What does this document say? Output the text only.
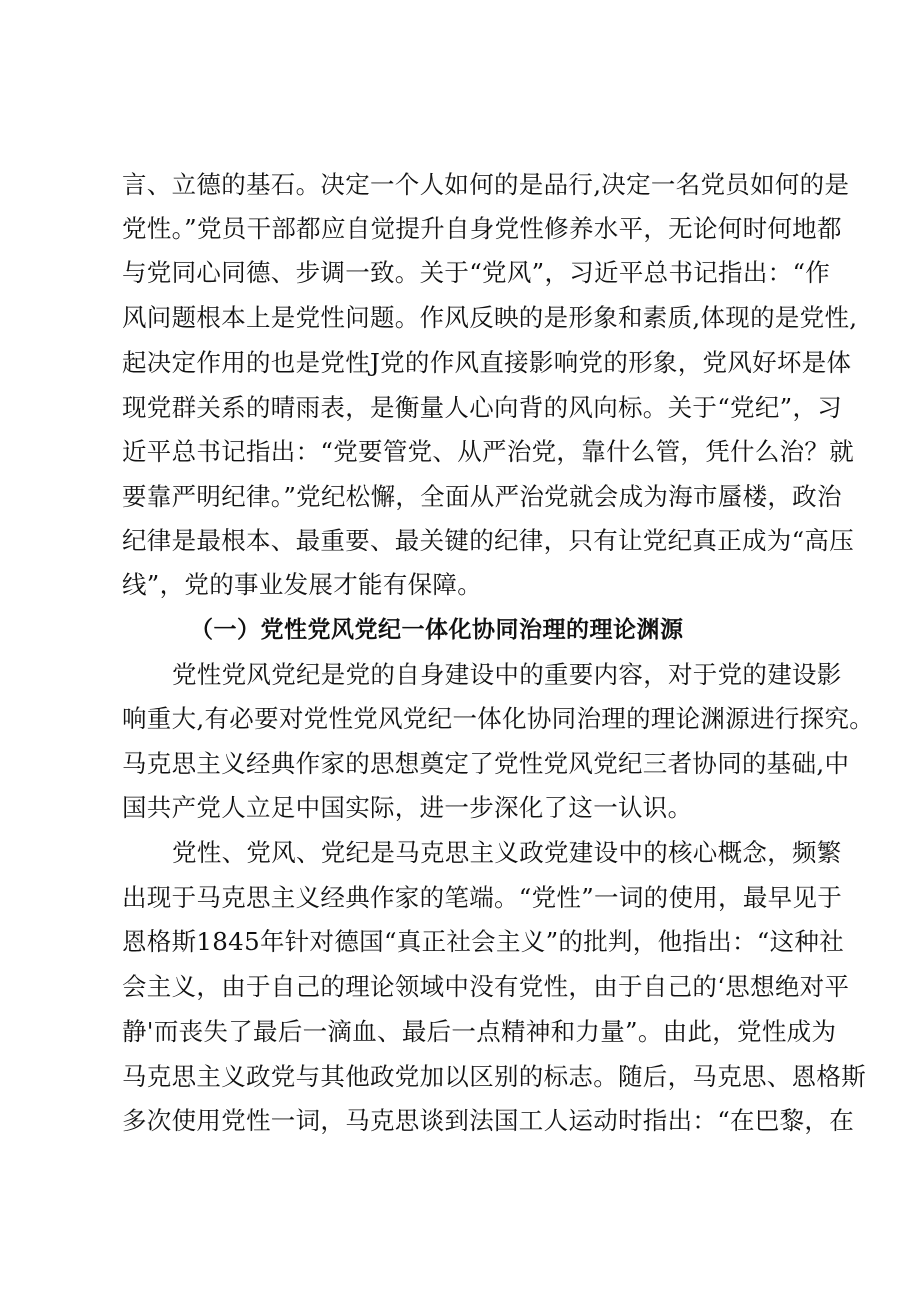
言、立德的基石。决定一个人如何的是品行,决定一名党员如何的是
党性。”党员干部都应自觉提升自身党性修养水平，无论何时何地都
与党同心同德、步调一致。关于“党风”，习近平总书记指出：“作
风问题根本上是党性问题。作风反映的是形象和素质,体现的是党性,
起决定作用的也是党性J党的作风直接影响党的形象，党风好坏是体
现党群关系的晴雨表，是衡量人心向背的风向标。关于“党纪”，习
近平总书记指出：“党要管党、从严治党，靠什么管，凭什么治？就
要靠严明纪律。”党纪松懈，全面从严治党就会成为海市蜃楼，政治
纪律是最根本、最重要、最关键的纪律，只有让党纪真正成为“高压
线”，党的事业发展才能有保障。
（一）党性党风党纪一体化协同治理的理论渊源
党性党风党纪是党的自身建设中的重要内容，对于党的建设影
响重大,有必要对党性党风党纪一体化协同治理的理论渊源进行探究。
马克思主义经典作家的思想奠定了党性党风党纪三者协同的基础,中
国共产党人立足中国实际，进一步深化了这一认识。
党性、党风、党纪是马克思主义政党建设中的核心概念，频繁
出现于马克思主义经典作家的笔端。“党性”一词的使用，最早见于
恩格斯1845年针对德国“真正社会主义”的批判，他指出：“这种社
会主义，由于自己的理论领域中没有党性，由于自己的‘思想绝对平
静'而丧失了最后一滴血、最后一点精神和力量”。由此，党性成为
马克思主义政党与其他政党加以区别的标志。随后，马克思、恩格斯
多次使用党性一词，马克思谈到法国工人运动时指出：“在巴黎，在
